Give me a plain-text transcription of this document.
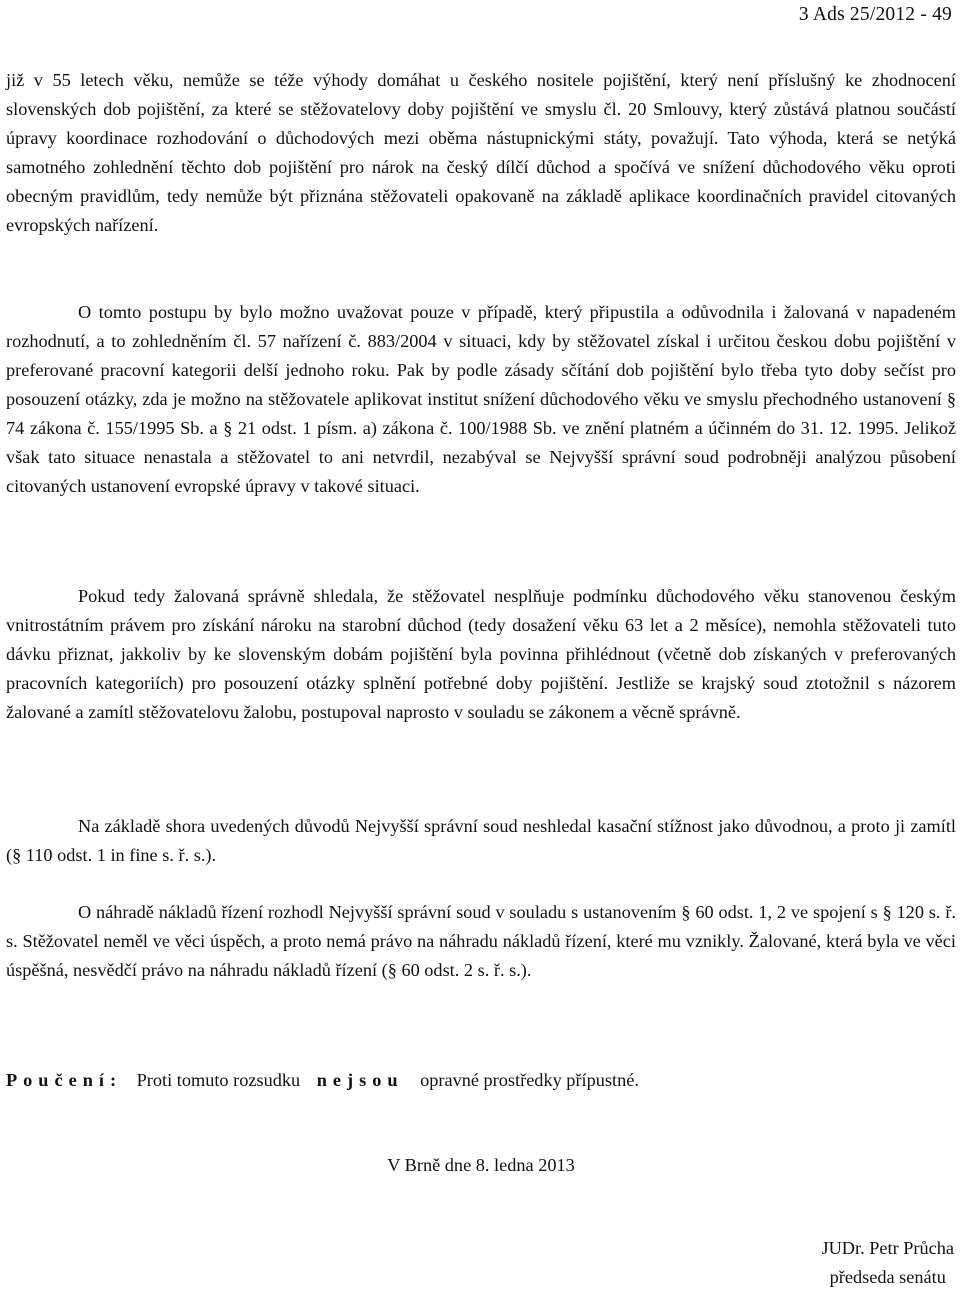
3 Ads 25/2012 - 49

již v 55 letech věku, nemůže se téže výhody domáhat u českého nositele pojištění, který není příslušný ke zhodnocení slovenských dob pojištění, za které se stěžovatelovy doby pojištění ve smyslu čl. 20 Smlouvy, který zůstává platnou součástí úpravy koordinace rozhodování o důchodových mezi oběma nástupnickými státy, považují. Tato výhoda, která se netýká samotného zohlednění těchto dob pojištění pro nárok na český dílčí důchod a spočívá ve snížení důchodového věku oproti obecným pravidlům, tedy nemůže být přiznána stěžovateli opakovaně na základě aplikace koordinačních pravidel citovaných evropských nařízení.

O tomto postupu by bylo možno uvažovat pouze v případě, který připustila a odůvodnila i žalovaná v napadeném rozhodnutí, a to zohledněním čl. 57 nařízení č. 883/2004 v situaci, kdy by stěžovatel získal i určitou českou dobu pojištění v preferované pracovní kategorii delší jednoho roku. Pak by podle zásady sčítání dob pojištění bylo třeba tyto doby sečíst pro posouzení otázky, zda je možno na stěžovatele aplikovat institut snížení důchodového věku ve smyslu přechodného ustanovení § 74 zákona č. 155/1995 Sb. a § 21 odst. 1 písm. a) zákona č. 100/1988 Sb. ve znění platném a účinném do 31. 12. 1995. Jelikož však tato situace nenastala a stěžovatel to ani netvrdil, nezabýval se Nejvyšší správní soud podrobněji analýzou působení citovaných ustanovení evropské úpravy v takové situaci.

Pokud tedy žalovaná správně shledala, že stěžovatel nesplňuje podmínku důchodového věku stanovenou českým vnitrostátním právem pro získání nároku na starobní důchod (tedy dosažení věku 63 let a 2 měsíce), nemohla stěžovateli tuto dávku přiznat, jakkoliv by ke slovenským dobám pojištění byla povinna přihlédnout (včetně dob získaných v preferovaných pracovních kategoriích) pro posouzení otázky splnění potřebné doby pojištění. Jestliže se krajský soud ztotožnil s názorem žalované a zamítl stěžovatelovu žalobu, postupoval naprosto v souladu se zákonem a věcně správně.

Na základě shora uvedených důvodů Nejvyšší správní soud neshledal kasační stížnost jako důvodnou, a proto ji zamítl (§ 110 odst. 1 in fine s. ř. s.).

O náhradě nákladů řízení rozhodl Nejvyšší správní soud v souladu s ustanovením § 60 odst. 1, 2 ve spojení s § 120 s. ř. s. Stěžovatel neměl ve věci úspěch, a proto nemá právo na náhradu nákladů řízení, které mu vznikly. Žalované, která byla ve věci úspěšná, nesvědčí právo na náhradu nákladů řízení (§ 60 odst. 2 s. ř. s.).

Poučení: Proti tomuto rozsudku nejsou opravné prostředky přípustné.
V Brně dne 8. ledna 2013
JUDr. Petr Průcha
předseda senátu
